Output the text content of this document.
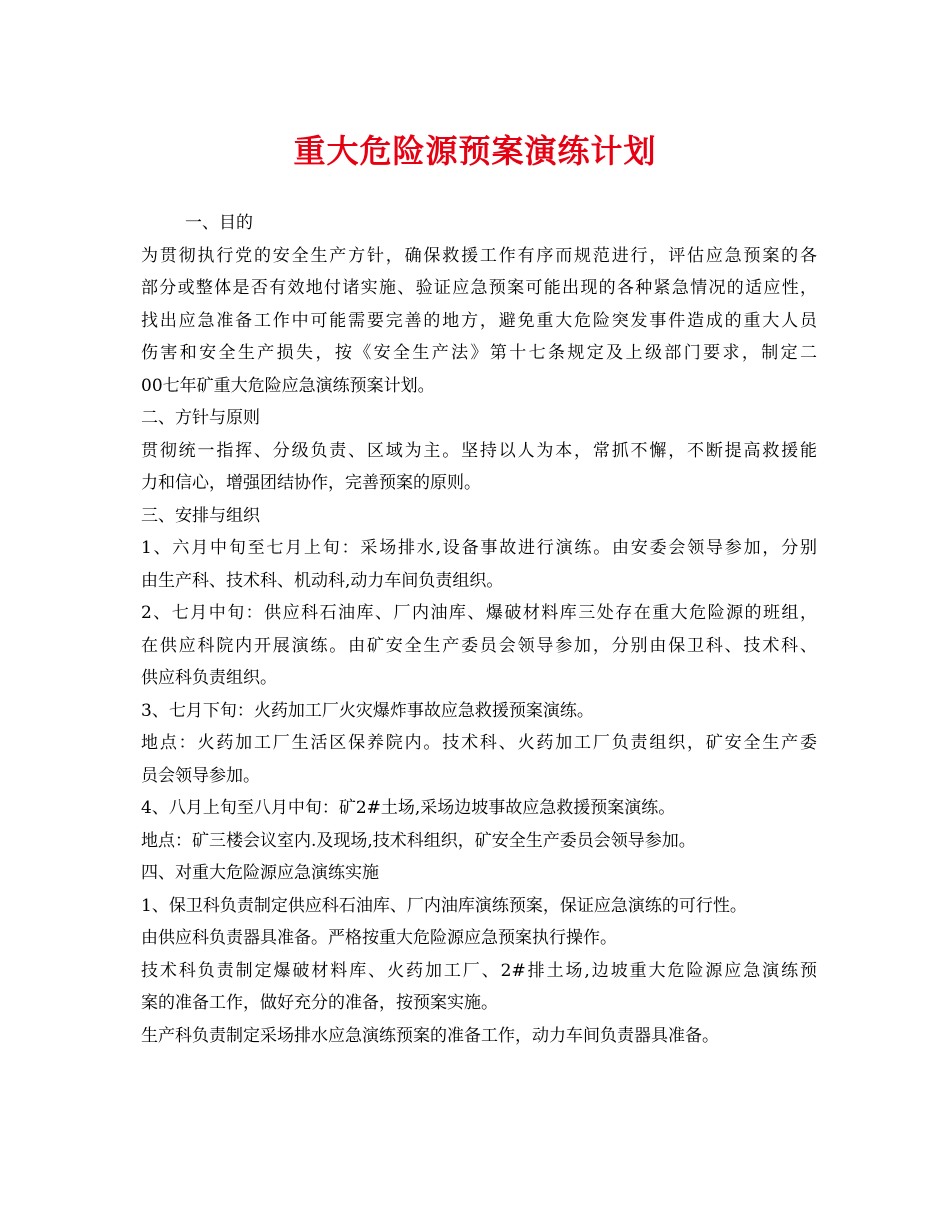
重大危险源预案演练计划
一、目的
为贯彻执行党的安全生产方针，确保救援工作有序而规范进行，评估应急预案的各
部分或整体是否有效地付诸实施、验证应急预案可能出现的各种紧急情况的适应性，
找出应急准备工作中可能需要完善的地方，避免重大危险突发事件造成的重大人员
伤害和安全生产损失，按《安全生产法》第十七条规定及上级部门要求，制定二
00七年矿重大危险应急演练预案计划。
二、方针与原则
贯彻统一指挥、分级负责、区域为主。坚持以人为本，常抓不懈，不断提高救援能
力和信心，增强团结协作，完善预案的原则。
三、安排与组织
1、六月中旬至七月上旬：采场排水,设备事故进行演练。由安委会领导参加，分别
由生产科、技术科、机动科,动力车间负责组织。
2、七月中旬：供应科石油库、厂内油库、爆破材料库三处存在重大危险源的班组，
在供应科院内开展演练。由矿安全生产委员会领导参加，分别由保卫科、技术科、
供应科负责组织。
3、七月下旬：火药加工厂火灾爆炸事故应急救援预案演练。
地点：火药加工厂生活区保养院内。技术科、火药加工厂负责组织，矿安全生产委
员会领导参加。
4、八月上旬至八月中旬：矿2#土场,采场边坡事故应急救援预案演练。
地点：矿三楼会议室内.及现场,技术科组织，矿安全生产委员会领导参加。
四、对重大危险源应急演练实施
1、保卫科负责制定供应科石油库、厂内油库演练预案，保证应急演练的可行性。
由供应科负责器具准备。严格按重大危险源应急预案执行操作。
技术科负责制定爆破材料库、火药加工厂、2#排土场,边坡重大危险源应急演练预
案的准备工作，做好充分的准备，按预案实施。
生产科负责制定采场排水应急演练预案的准备工作，动力车间负责器具准备。
